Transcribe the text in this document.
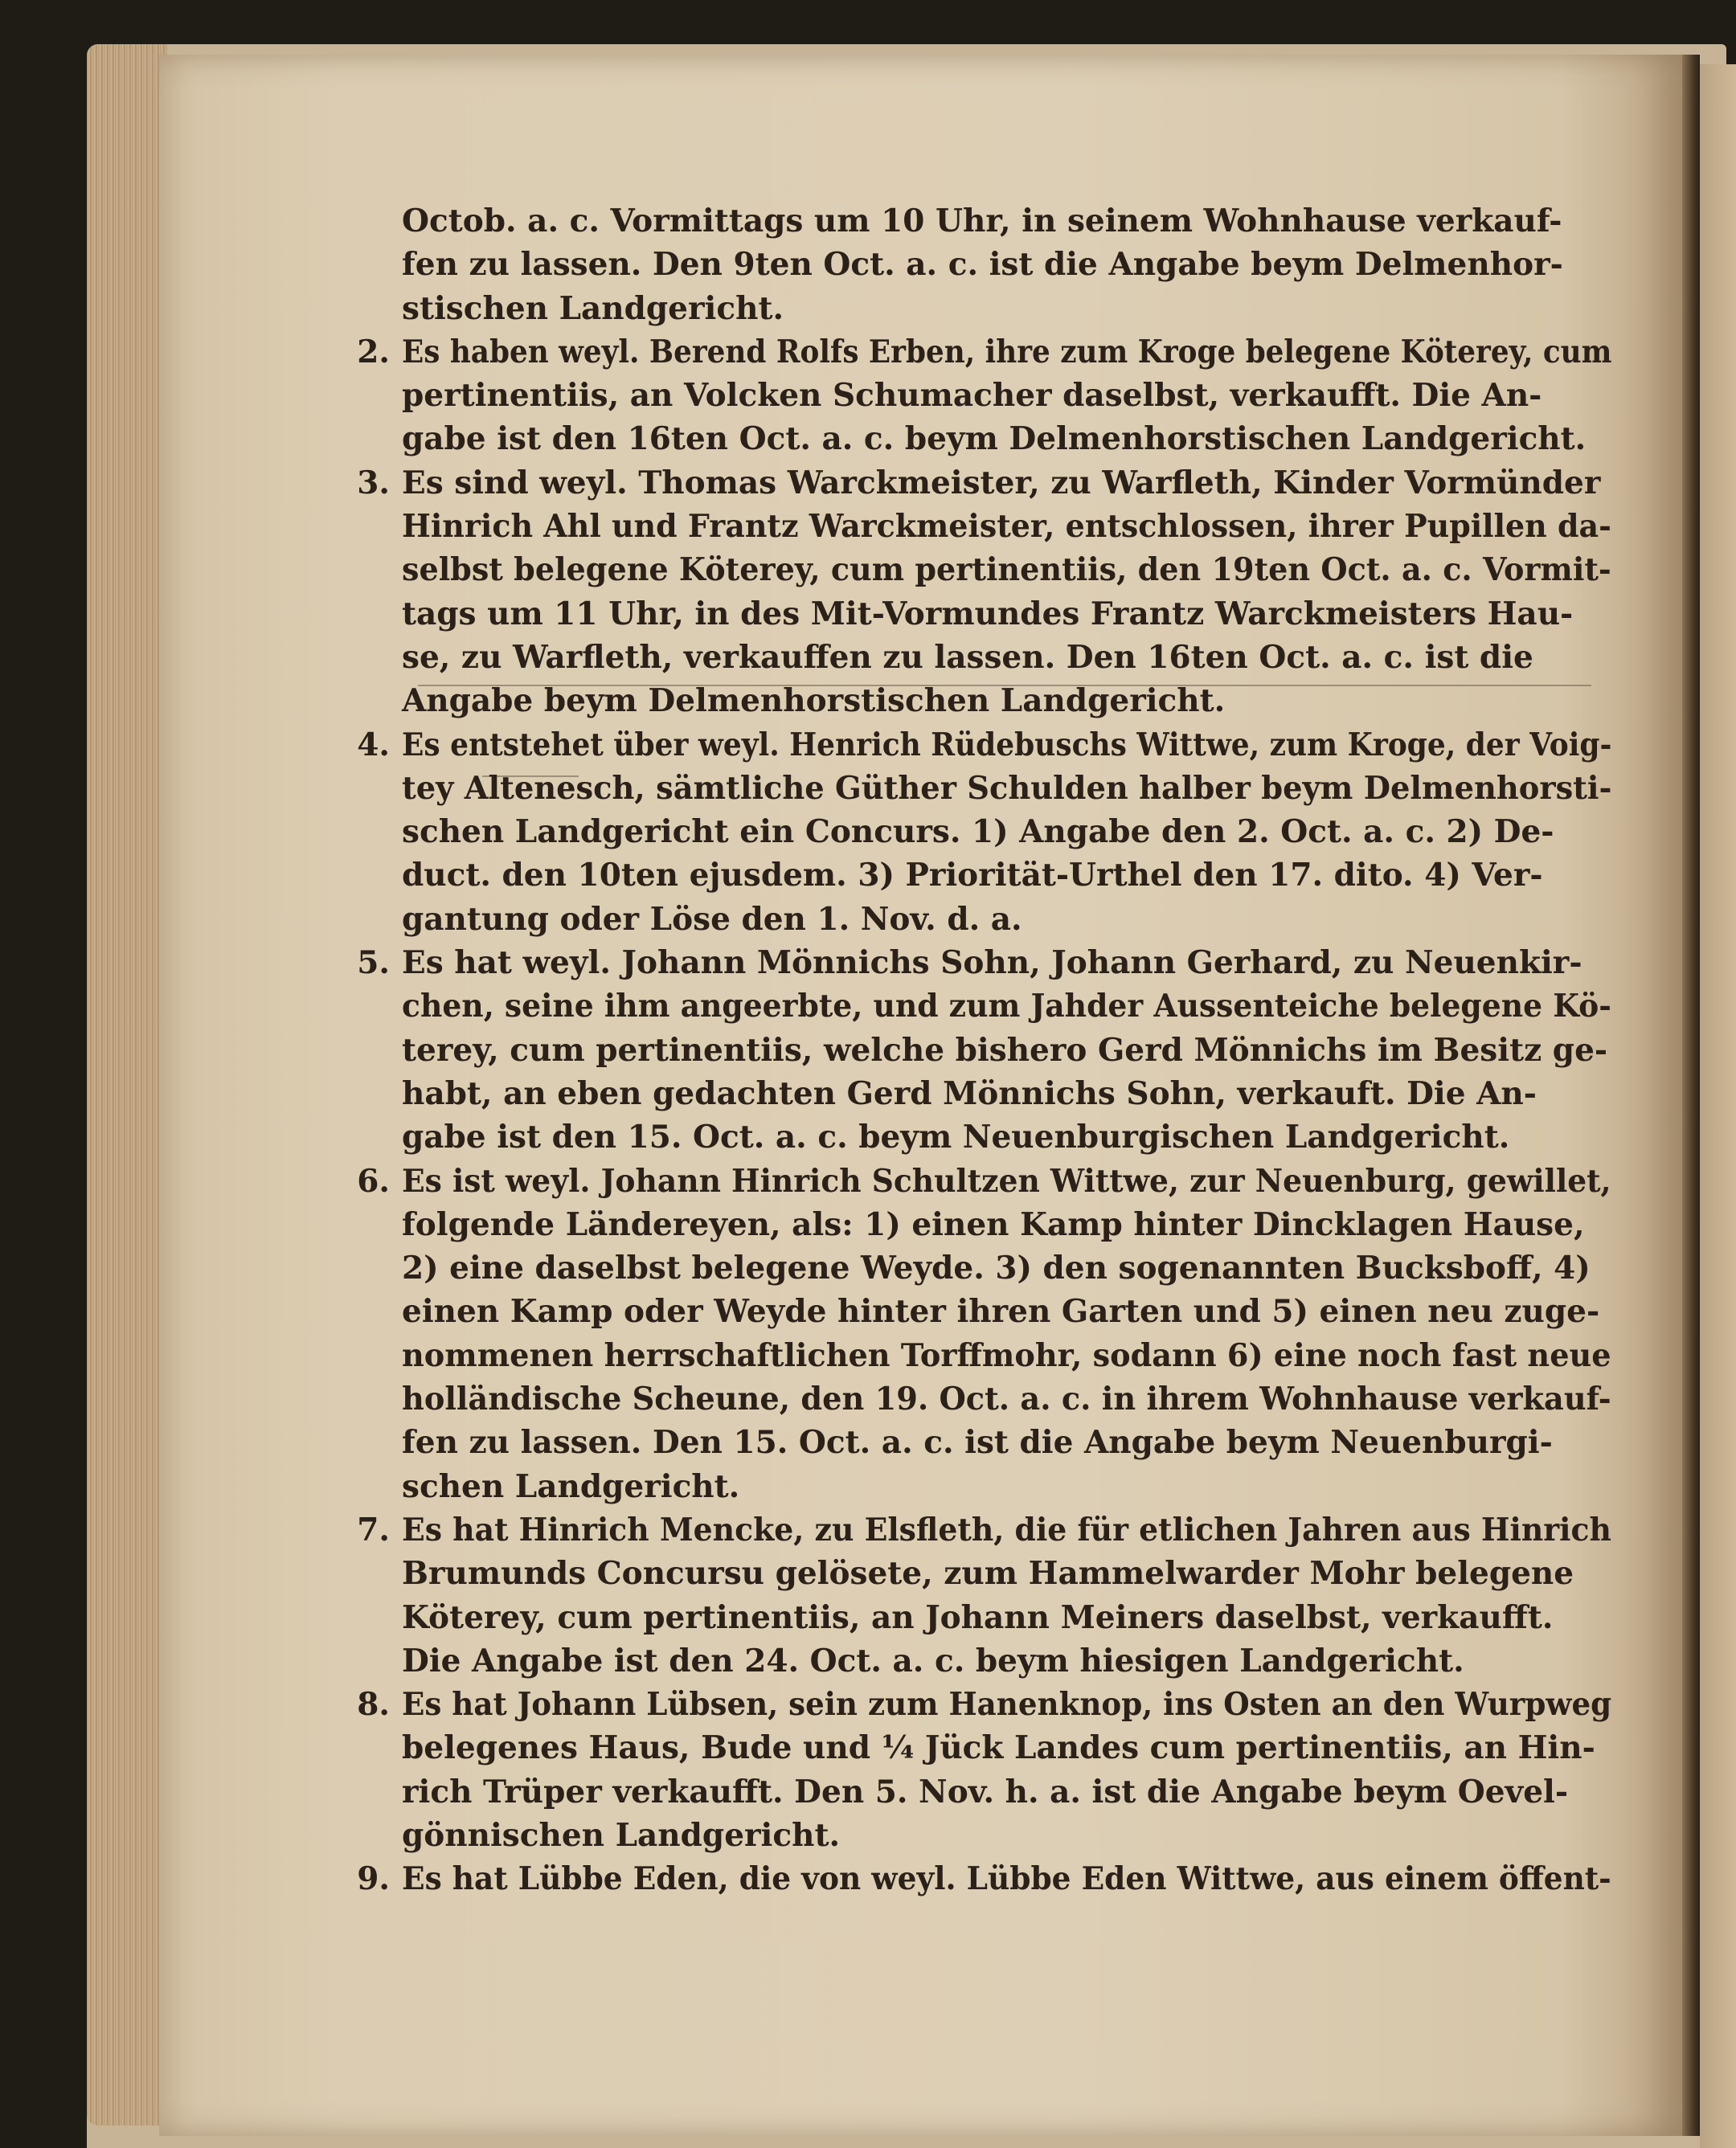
Octob. a. c. Vormittags um 10 Uhr, in seinem Wohnhause verkauf-
fen zu lassen. Den 9ten Oct. a. c. ist die Angabe beym Delmenhor-
stischen Landgericht.
2. Es haben weyl. Berend Rolfs Erben, ihre zum Kroge belegene Köterey, cum
pertinentiis, an Volcken Schumacher daselbst, verkaufft. Die An-
gabe ist den 16ten Oct. a. c. beym Delmenhorstischen Landgericht.
3. Es sind weyl. Thomas Warckmeister, zu Warfleth, Kinder Vormünder
Hinrich Ahl und Frantz Warckmeister, entschlossen, ihrer Pupillen da-
selbst belegene Köterey, cum pertinentiis, den 19ten Oct. a. c. Vormit-
tags um 11 Uhr, in des Mit-Vormundes Frantz Warckmeisters Hau-
se, zu Warfleth, verkauffen zu lassen. Den 16ten Oct. a. c. ist die
Angabe beym Delmenhorstischen Landgericht.
4. Es entstehet über weyl. Henrich Rüdebuschs Wittwe, zum Kroge, der Voig-
tey Altenesch, sämtliche Güther Schulden halber beym Delmenhorsti-
schen Landgericht ein Concurs. 1) Angabe den 2. Oct. a. c. 2) De-
duct. den 10ten ejusdem. 3) Priorität-Urthel den 17. dito. 4) Ver-
gantung oder Löse den 1. Nov. d. a.
5. Es hat weyl. Johann Mönnichs Sohn, Johann Gerhard, zu Neuenkir-
chen, seine ihm angeerbte, und zum Jahder Aussenteiche belegene Kö-
terey, cum pertinentiis, welche bishero Gerd Mönnichs im Besitz ge-
habt, an eben gedachten Gerd Mönnichs Sohn, verkauft. Die An-
gabe ist den 15. Oct. a. c. beym Neuenburgischen Landgericht.
6. Es ist weyl. Johann Hinrich Schultzen Wittwe, zur Neuenburg, gewillet,
folgende Ländereyen, als: 1) einen Kamp hinter Dincklagen Hause,
2) eine daselbst belegene Weyde. 3) den sogenannten Bucksboff, 4)
einen Kamp oder Weyde hinter ihren Garten und 5) einen neu zuge-
nommenen herrschaftlichen Torffmohr, sodann 6) eine noch fast neue
holländische Scheune, den 19. Oct. a. c. in ihrem Wohnhause verkauf-
fen zu lassen. Den 15. Oct. a. c. ist die Angabe beym Neuenburgi-
schen Landgericht.
7. Es hat Hinrich Mencke, zu Elsfleth, die für etlichen Jahren aus Hinrich
Brumunds Concursu gelösete, zum Hammelwarder Mohr belegene
Köterey, cum pertinentiis, an Johann Meiners daselbst, verkaufft.
Die Angabe ist den 24. Oct. a. c. beym hiesigen Landgericht.
8. Es hat Johann Lübsen, sein zum Hanenknop, ins Osten an den Wurpweg
belegenes Haus, Bude und ¼ Jück Landes cum pertinentiis, an Hin-
rich Trüper verkaufft. Den 5. Nov. h. a. ist die Angabe beym Oevel-
gönnischen Landgericht.
9. Es hat Lübbe Eden, die von weyl. Lübbe Eden Wittwe, aus einem öffent-
